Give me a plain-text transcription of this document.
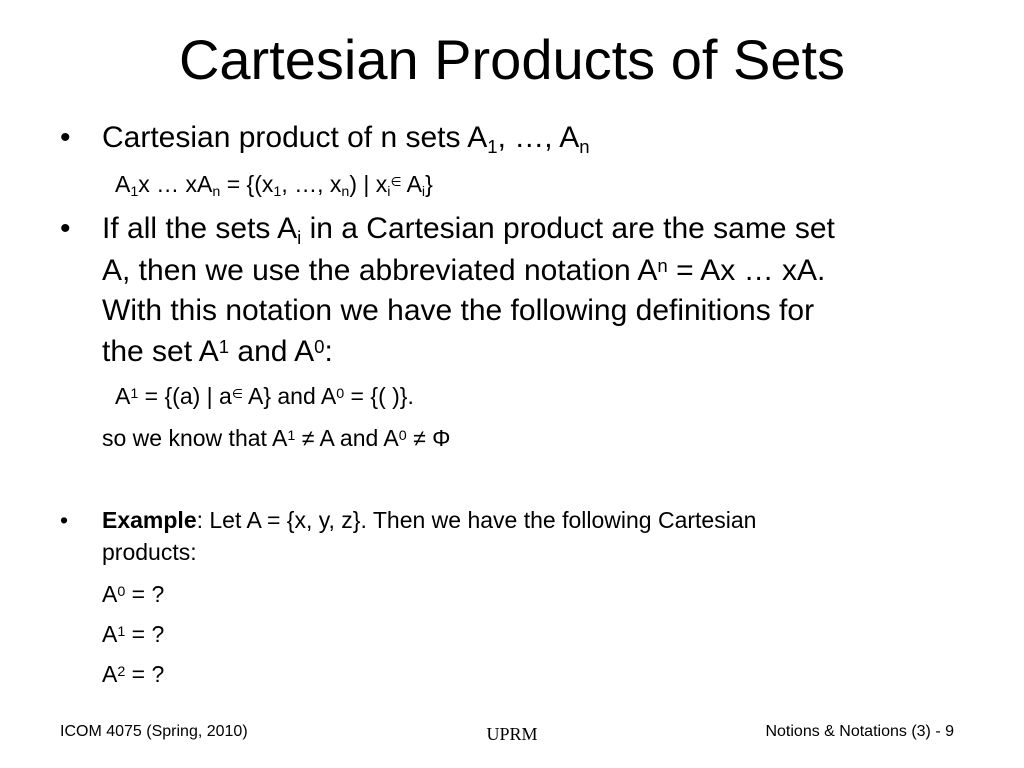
Cartesian Products of Sets
• Cartesian product of n sets $A_1$, …, $A_n$
$A_1x$ … $xA_n = \{(x_1$, …, $x_n$) | $x_i^\in$ $A_i$}
• If all the sets $A_i$ in a Cartesian product are the same set
A, then we use the abbreviated notation $A^n = Ax$ … xA.
With this notation we have the following definitions for
the set $A^1$ and $A^0$:
$A^1 = \{(a)$ | a∈ A} and $A^0$ = {( )}.
so we know that $A^1 \ne A$ and $A^0 \ne \Phi$
• Example: Let A = {x, y, z}. Then we have the following Cartesian
products:
$A^0$ = ?
$A^1$ = ?
$A^2$ = ?
ICOM 4075 (Spring, 2010)	UPRM	Notions & Notations (3) - 9
